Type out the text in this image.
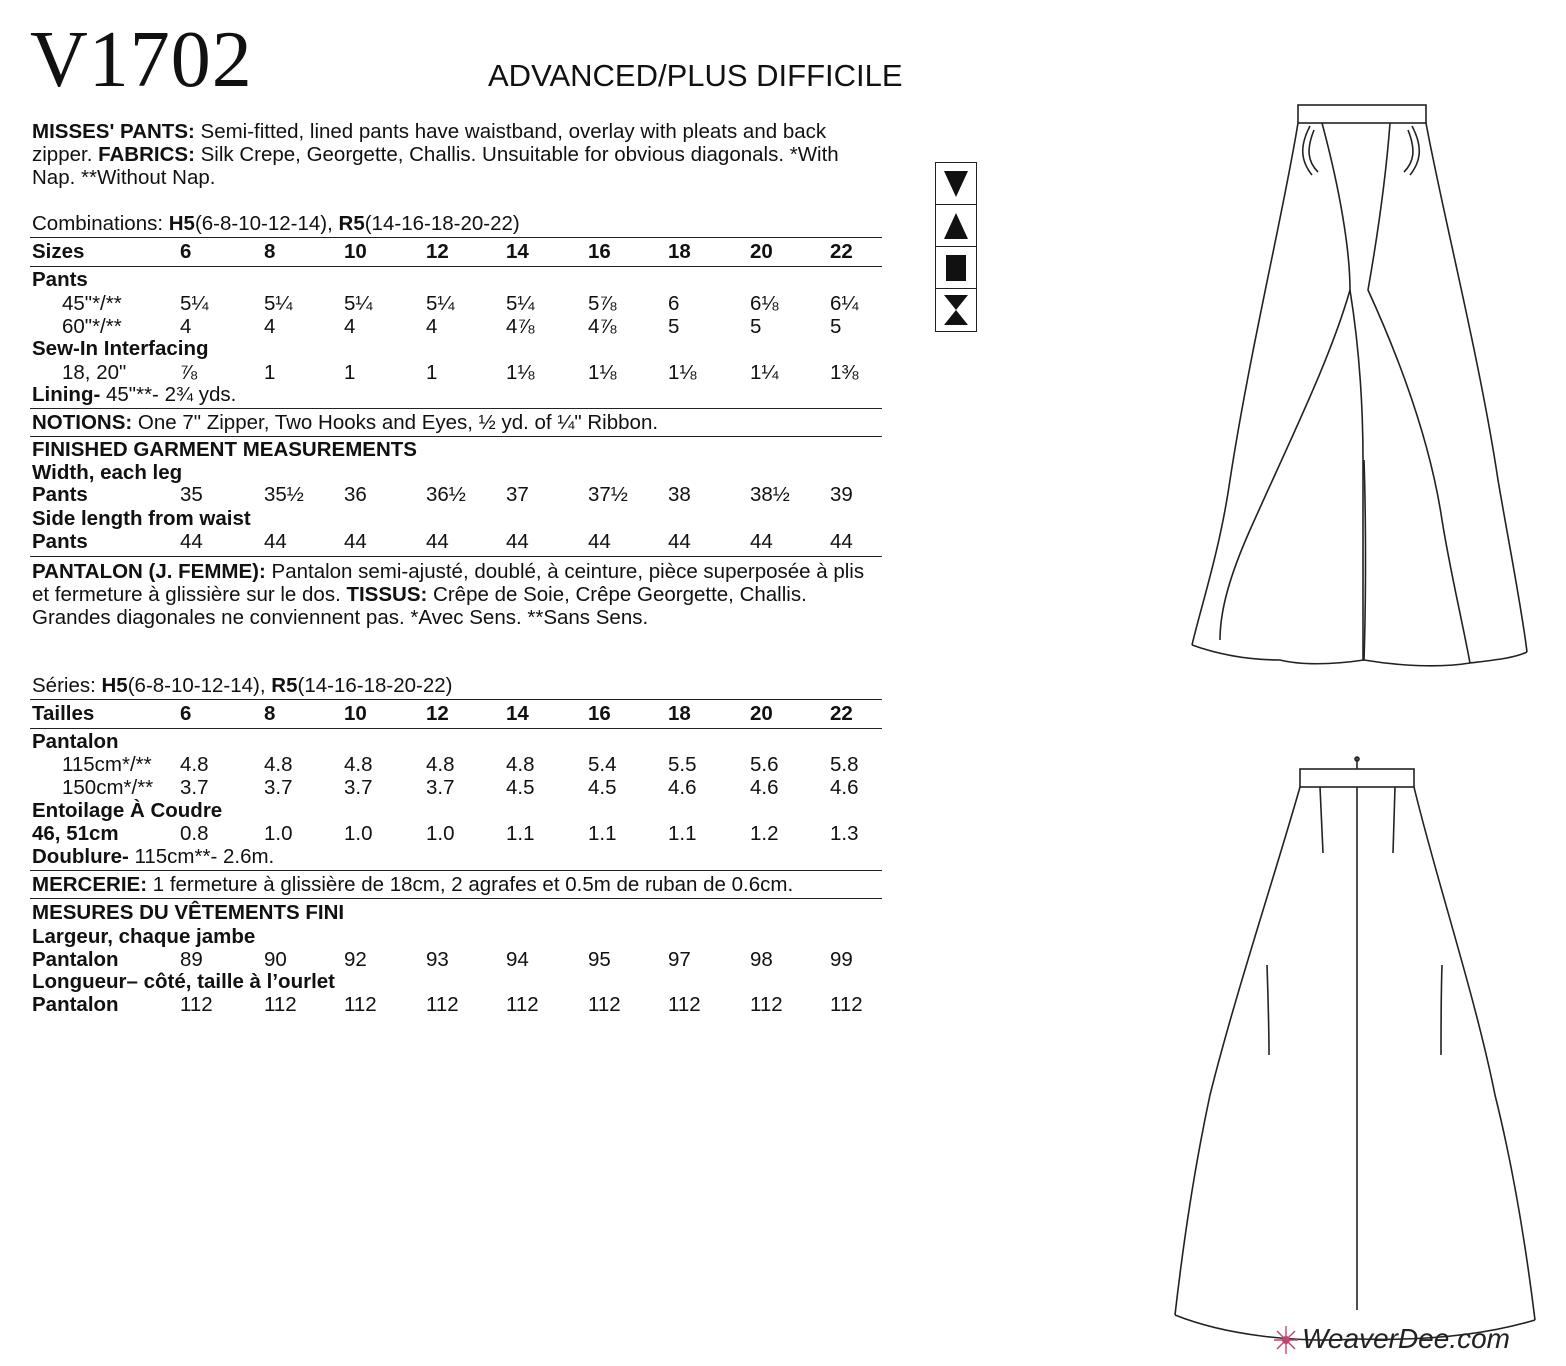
V1702	ADVANCED/PLUS DIFFICILE
MISSES' PANTS: Semi-fitted, lined pants have waistband, overlay with pleats and back zipper. FABRICS: Silk Crepe, Georgette, Challis. Unsuitable for obvious diagonals. *With Nap. **Without Nap.
Combinations: H5(6-8-10-12-14), R5(14-16-18-20-22)
Sizes	6	8	10	12	14	16	18	20	22
Pants
45"*/**	5¼	5¼	5¼	5¼	5¼	5⅞	6	6⅛	6¼
60"*/**	4	4	4	4	4⅞	4⅞	5	5	5
Sew-In Interfacing
18, 20"	⅞	1	1	1	1⅛	1⅛	1⅛	1¼	1⅜
Lining- 45"**- 2¾ yds.
NOTIONS: One 7" Zipper, Two Hooks and Eyes, ½ yd. of ¼" Ribbon.
FINISHED GARMENT MEASUREMENTS
Width, each leg
Pants	35	35½	36	36½	37	37½	38	38½	39
Side length from waist
Pants	44	44	44	44	44	44	44	44	44
PANTALON (J. FEMME): Pantalon semi-ajusté, doublé, à ceinture, pièce superposée à plis et fermeture à glissière sur le dos. TISSUS: Crêpe de Soie, Crêpe Georgette, Challis. Grandes diagonales ne conviennent pas. *Avec Sens. **Sans Sens.
Séries: H5(6-8-10-12-14), R5(14-16-18-20-22)
Tailles	6	8	10	12	14	16	18	20	22
Pantalon
115cm*/** 4.8	4.8	4.8	4.8	4.8	5.4	5.5	5.6	5.8
150cm*/** 3.7	3.7	3.7	3.7	4.5	4.5	4.6	4.6	4.6
Entoilage À Coudre
46, 51cm	0.8	1.0	1.0	1.0	1.1	1.1	1.1	1.2	1.3
Doublure- 115cm**- 2.6m.
MERCERIE: 1 fermeture à glissière de 18cm, 2 agrafes et 0.5m de ruban de 0.6cm.
MESURES DU VÊTEMENTS FINI
Largeur, chaque jambe
Pantalon	89	90	92	93	94	95	97	98	99
Longueur– côté, taille à l’ourlet
Pantalon	112	112	112	112	112	112	112	112	112
WeaverDee.com
